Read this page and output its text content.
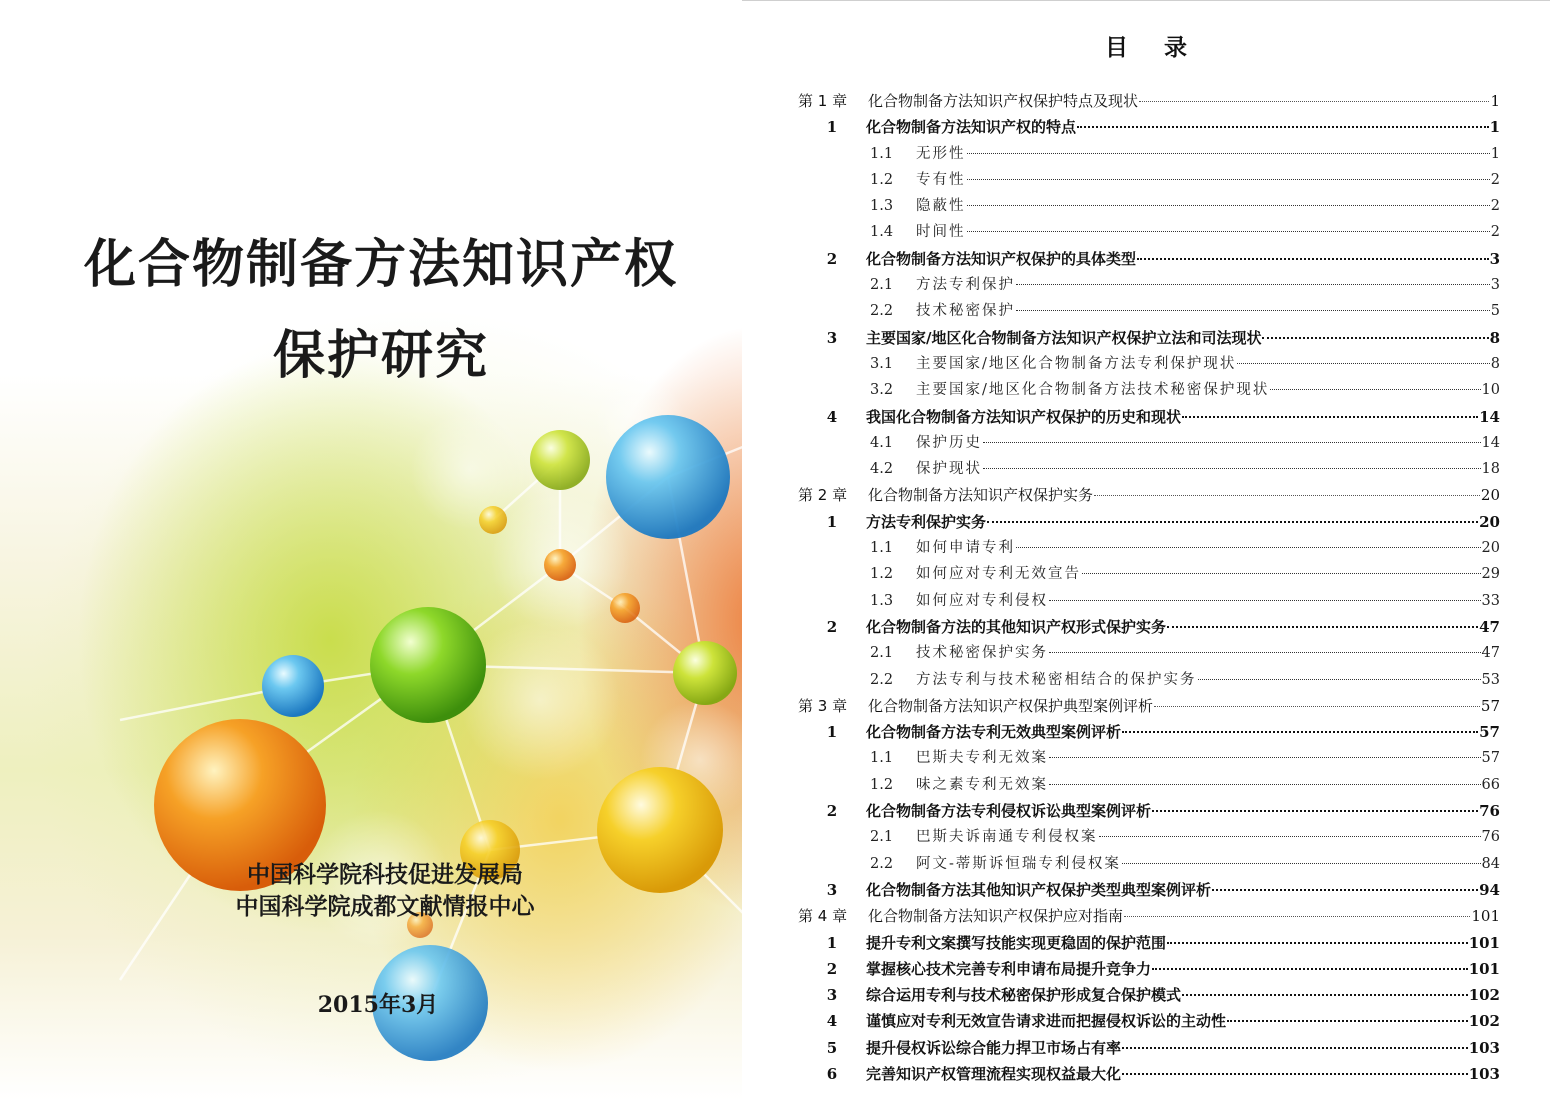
化合物制备方法知识产权
保护研究
中国科学院科技促进发展局
中国科学院成都文献情报中心
2015年3月
目 录
第 1 章	化合物制备方法知识产权保护特点及现状	1
1	化合物制备方法知识产权的特点	1
1.1	无形性	1
1.2	专有性	2
1.3	隐蔽性	2
1.4	时间性	2
2	化合物制备方法知识产权保护的具体类型	3
2.1	方法专利保护	3
2.2	技术秘密保护	5
3	主要国家/地区化合物制备方法知识产权保护立法和司法现状	8
3.1	主要国家/地区化合物制备方法专利保护现状	8
3.2	主要国家/地区化合物制备方法技术秘密保护现状	10
4	我国化合物制备方法知识产权保护的历史和现状	14
4.1	保护历史	14
4.2	保护现状	18
第 2 章	化合物制备方法知识产权保护实务	20
1	方法专利保护实务	20
1.1	如何申请专利	20
1.2	如何应对专利无效宣告	29
1.3	如何应对专利侵权	33
2	化合物制备方法的其他知识产权形式保护实务	47
2.1	技术秘密保护实务	47
2.2	方法专利与技术秘密相结合的保护实务	53
第 3 章	化合物制备方法知识产权保护典型案例评析	57
1	化合物制备方法专利无效典型案例评析	57
1.1	巴斯夫专利无效案	57
1.2	味之素专利无效案	66
2	化合物制备方法专利侵权诉讼典型案例评析	76
2.1	巴斯夫诉南通专利侵权案	76
2.2	阿文-蒂斯诉恒瑞专利侵权案	84
3	化合物制备方法其他知识产权保护类型典型案例评析	94
第 4 章	化合物制备方法知识产权保护应对指南	101
1	提升专利文案撰写技能实现更稳固的保护范围	101
2	掌握核心技术完善专利申请布局提升竞争力	101
3	综合运用专利与技术秘密保护形成复合保护模式	102
4	谨慎应对专利无效宣告请求进而把握侵权诉讼的主动性	102
5	提升侵权诉讼综合能力捍卫市场占有率	103
6	完善知识产权管理流程实现权益最大化	103
